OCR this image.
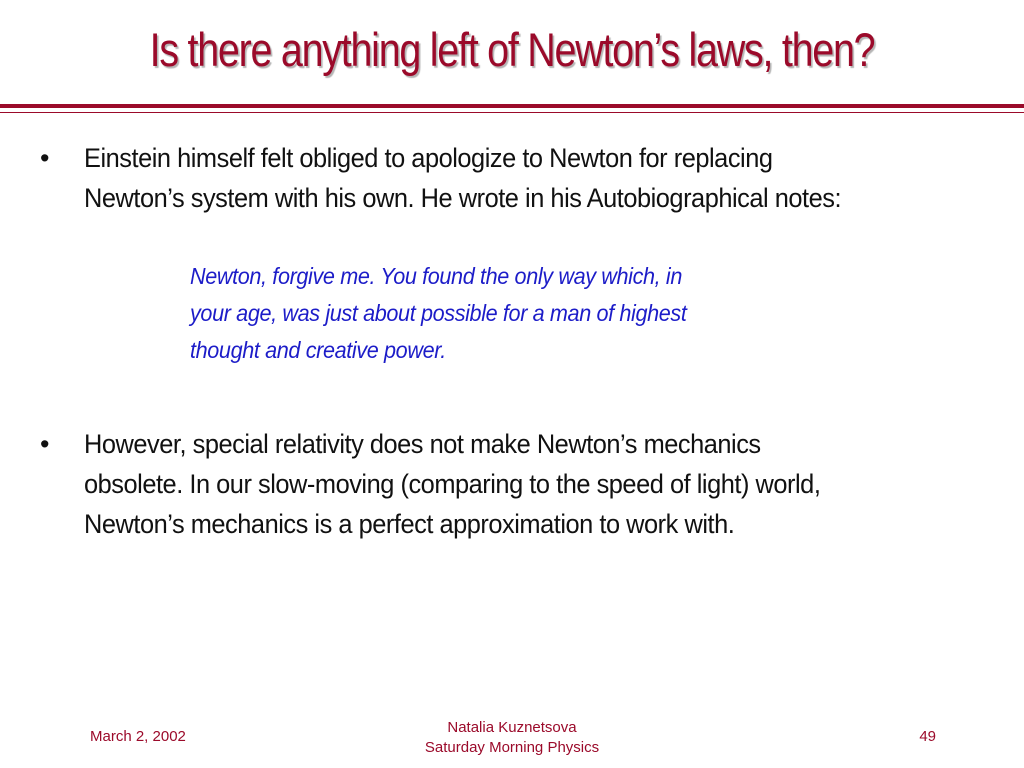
Is there anything left of Newton’s laws, then?
• Einstein himself felt obliged to apologize to Newton for replacing
Newton’s system with his own. He wrote in his Autobiographical notes:
Newton, forgive me. You found the only way which, in
your age, was just about possible for a man of highest
thought and creative power.
• However, special relativity does not make Newton’s mechanics
obsolete. In our slow-moving (comparing to the speed of light) world,
Newton’s mechanics is a perfect approximation to work with.
March 2, 2002
Natalia Kuznetsova
Saturday Morning Physics
49
